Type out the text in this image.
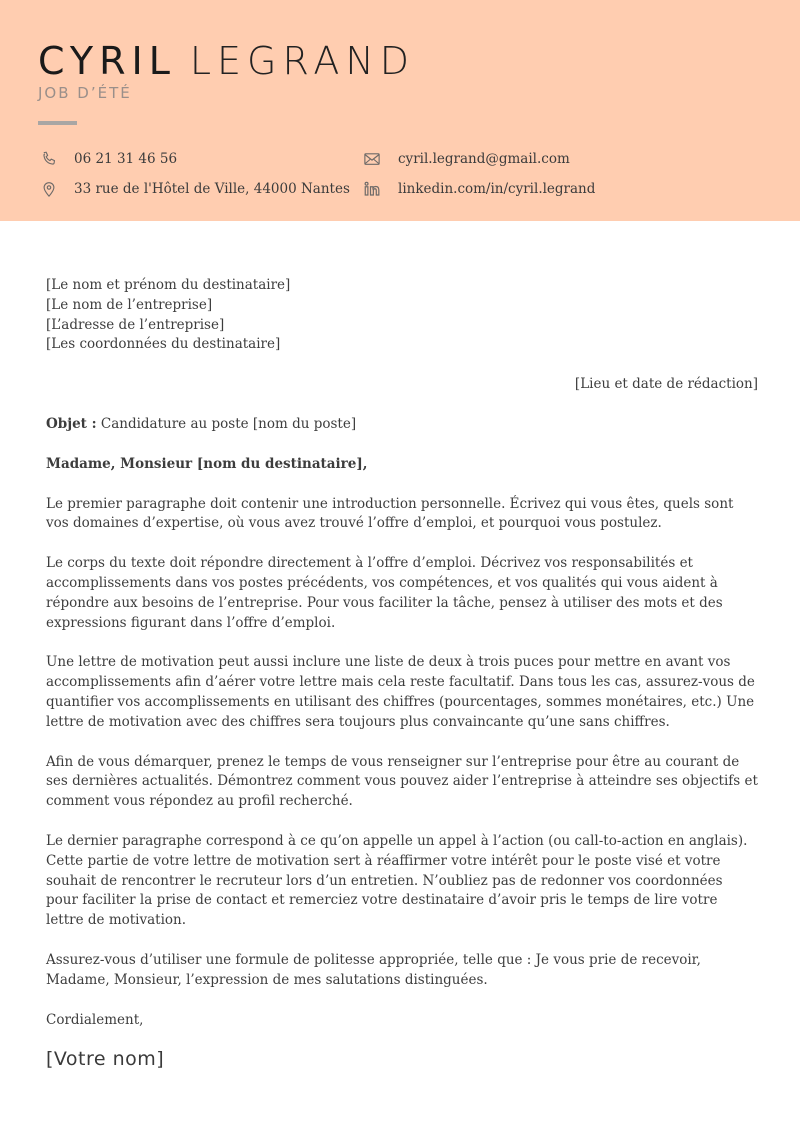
CYRIL LEGRAND
JOB D’ÉTÉ
06 21 31 46 56
33 rue de l'Hôtel de Ville, 44000 Nantes
cyril.legrand@gmail.com
linkedin.com/in/cyril.legrand

[Le nom et prénom du destinataire]
[Le nom de l’entreprise]
[L’adresse de l’entreprise]
[Les coordonnées du destinataire]

[Lieu et date de rédaction]

Objet : Candidature au poste [nom du poste]

Madame, Monsieur [nom du destinataire],

Le premier paragraphe doit contenir une introduction personnelle. Écrivez qui vous êtes, quels sont vos domaines d’expertise, où vous avez trouvé l’offre d’emploi, et pourquoi vous postulez.

Le corps du texte doit répondre directement à l’offre d’emploi. Décrivez vos responsabilités et accomplissements dans vos postes précédents, vos compétences, et vos qualités qui vous aident à répondre aux besoins de l’entreprise. Pour vous faciliter la tâche, pensez à utiliser des mots et des expressions figurant dans l’offre d’emploi.

Une lettre de motivation peut aussi inclure une liste de deux à trois puces pour mettre en avant vos accomplissements afin d’aérer votre lettre mais cela reste facultatif. Dans tous les cas, assurez-vous de quantifier vos accomplissements en utilisant des chiffres (pourcentages, sommes monétaires, etc.) Une lettre de motivation avec des chiffres sera toujours plus convaincante qu’une sans chiffres.

Afin de vous démarquer, prenez le temps de vous renseigner sur l’entreprise pour être au courant de ses dernières actualités. Démontrez comment vous pouvez aider l’entreprise à atteindre ses objectifs et comment vous répondez au profil recherché.

Le dernier paragraphe correspond à ce qu’on appelle un appel à l’action (ou call-to-action en anglais). Cette partie de votre lettre de motivation sert à réaffirmer votre intérêt pour le poste visé et votre souhait de rencontrer le recruteur lors d’un entretien. N’oubliez pas de redonner vos coordonnées pour faciliter la prise de contact et remerciez votre destinataire d’avoir pris le temps de lire votre lettre de motivation.

Assurez-vous d’utiliser une formule de politesse appropriée, telle que : Je vous prie de recevoir, Madame, Monsieur, l’expression de mes salutations distinguées.

Cordialement,

[Votre nom]
